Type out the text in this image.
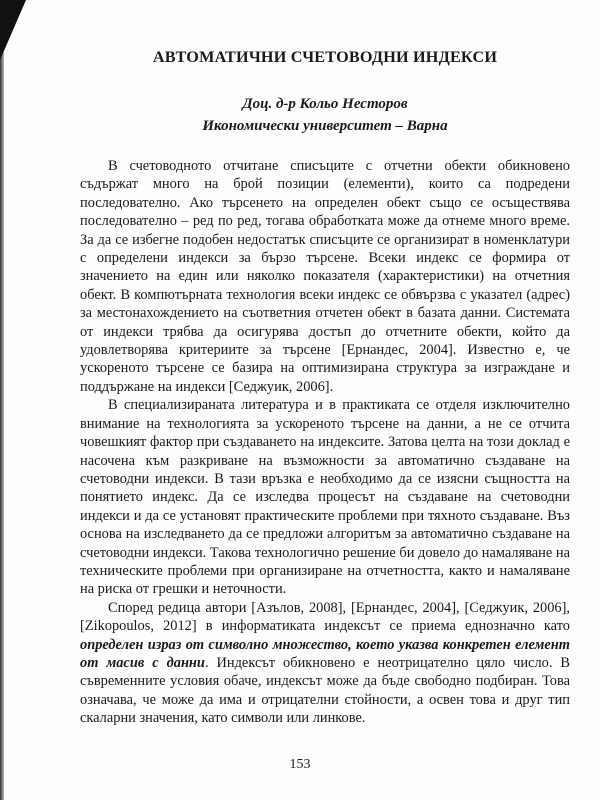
АВТОМАТИЧНИ СЧЕТОВОДНИ ИНДЕКСИ

Доц. д-р Кольо Несторов

Икономически университет – Варна

В счетоводното отчитане списъците с отчетни обекти обикновено съдържат много на брой позиции (елементи), които са подредени последователно. Ако търсенето на определен обект също се осъществява последователно – ред по ред, тогава обработката може да отнеме много време. За да се избегне подобен недостатък списъците се организират в номенклатури с определени индекси за бързо търсене. Всеки индекс се формира от значението на един или няколко показателя (характеристики) на отчетния обект. В компютърната технология всеки индекс се обвързва с указател (адрес) за местонахождението на съответния отчетен обект в базата данни. Системата от индекси трябва да осигурява достъп до отчетните обекти, който да удовлетворява критериите за търсене [Ернандес, 2004]. Известно е, че ускореното търсене се базира на оптимизирана структура за изграждане и поддържане на индекси [Седжуик, 2006].

В специализираната литература и в практиката се отделя изключително внимание на технологията за ускореното търсене на данни, а не се отчита човешкият фактор при създаването на индексите. Затова целта на този доклад е насочена към разкриване на възможности за автоматично създаване на счетоводни индекси. В тази връзка е необходимо да се изясни същността на понятието индекс. Да се изследва процесът на създаване на счетоводни индекси и да се установят практическите проблеми при тяхното създаване. Въз основа на изследването да се предложи алгоритъм за автоматично създаване на счетоводни индекси. Такова технологично решение би довело до намаляване на техническите проблеми при организиране на отчетността, както и намаляване на риска от грешки и неточности.

Според редица автори [Азълов, 2008], [Ернандес, 2004], [Седжуик, 2006], [Zikopoulos, 2012] в информатиката индексът се приема еднозначно като определен израз от символно множество, което указва конкретен елемент от масив с данни. Индексът обикновено е неотрицателно цяло число. В съвременните условия обаче, индексът може да бъде свободно подбиран. Това означава, че може да има и отрицателни стойности, а освен това и друг тип скаларни значения, като символи или линкове.

153
